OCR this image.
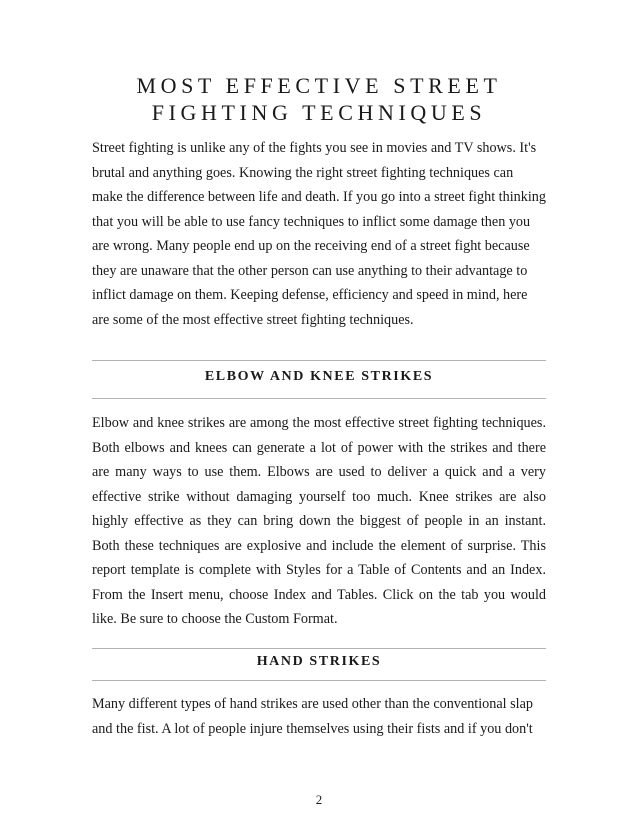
MOST EFFECTIVE STREET
FIGHTING TECHNIQUES

Street fighting is unlike any of the fights you see in movies and TV shows. It's brutal and anything goes. Knowing the right street fighting techniques can make the difference between life and death. If you go into a street fight thinking that you will be able to use fancy techniques to inflict some damage then you are wrong. Many people end up on the receiving end of a street fight because they are unaware that the other person can use anything to their advantage to inflict damage on them. Keeping defense, efficiency and speed in mind, here are some of the most effective street fighting techniques.

ELBOW AND KNEE STRIKES

Elbow and knee strikes are among the most effective street fighting techniques. Both elbows and knees can generate a lot of power with the strikes and there are many ways to use them. Elbows are used to deliver a quick and a very effective strike without damaging yourself too much. Knee strikes are also highly effective as they can bring down the biggest of people in an instant. Both these techniques are explosive and include the element of surprise. This report template is complete with Styles for a Table of Contents and an Index. From the Insert menu, choose Index and Tables. Click on the tab you would like. Be sure to choose the Custom Format.

HAND STRIKES

Many different types of hand strikes are used other than the conventional slap and the fist. A lot of people injure themselves using their fists and if you don't

2
